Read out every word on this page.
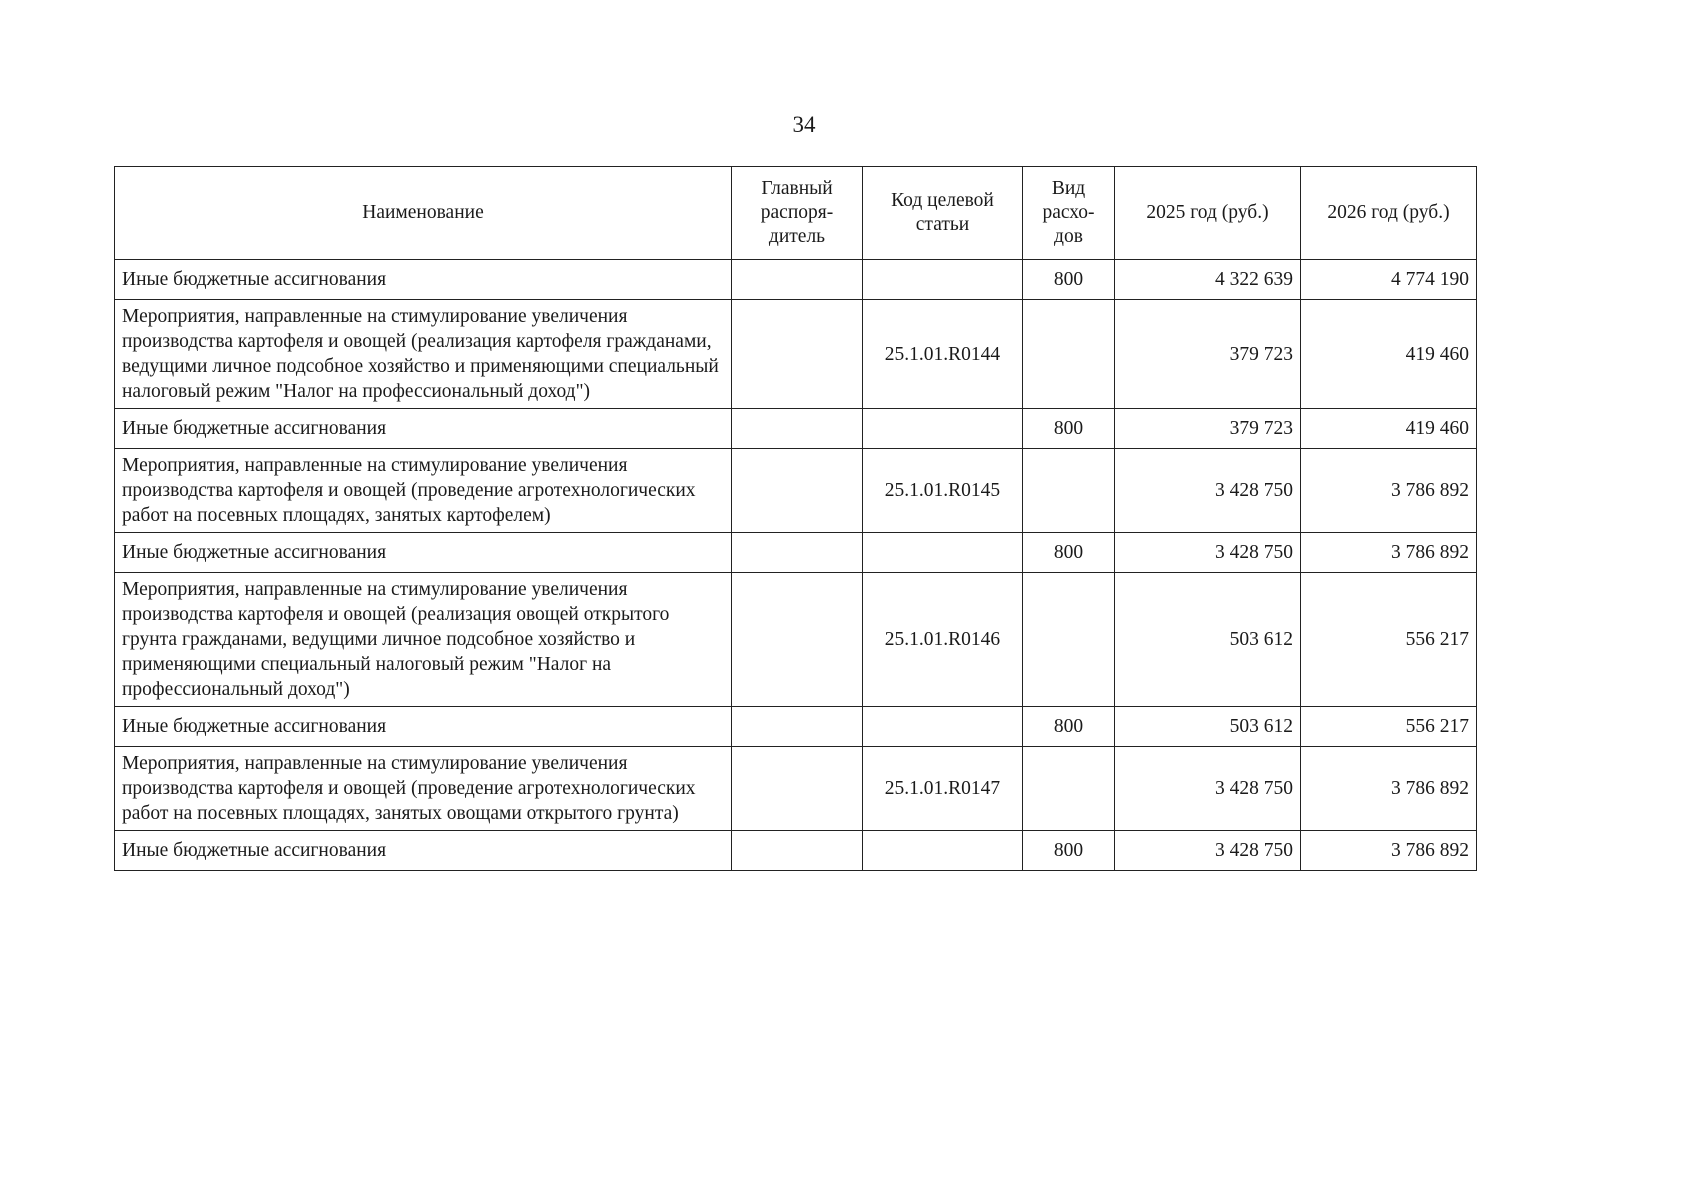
34
Наименование	Главный распоря-дитель	Код целевой статьи	Вид расхо-дов	2025 год (руб.)	2026 год (руб.)
Иные бюджетные ассигнования			800	4 322 639	4 774 190
Мероприятия, направленные на стимулирование увеличения производства картофеля и овощей (реализация картофеля гражданами, ведущими личное подсобное хозяйство и применяющими специальный налоговый режим "Налог на профессиональный доход")		25.1.01.R0144		379 723	419 460
Иные бюджетные ассигнования			800	379 723	419 460
Мероприятия, направленные на стимулирование увеличения производства картофеля и овощей (проведение агротехнологических работ на посевных площадях, занятых картофелем)		25.1.01.R0145		3 428 750	3 786 892
Иные бюджетные ассигнования			800	3 428 750	3 786 892
Мероприятия, направленные на стимулирование увеличения производства картофеля и овощей (реализация овощей открытого грунта гражданами, ведущими личное подсобное хозяйство и применяющими специальный налоговый режим "Налог на профессиональный доход")		25.1.01.R0146		503 612	556 217
Иные бюджетные ассигнования			800	503 612	556 217
Мероприятия, направленные на стимулирование увеличения производства картофеля и овощей (проведение агротехнологических работ на посевных площадях, занятых овощами открытого грунта)		25.1.01.R0147		3 428 750	3 786 892
Иные бюджетные ассигнования			800	3 428 750	3 786 892
